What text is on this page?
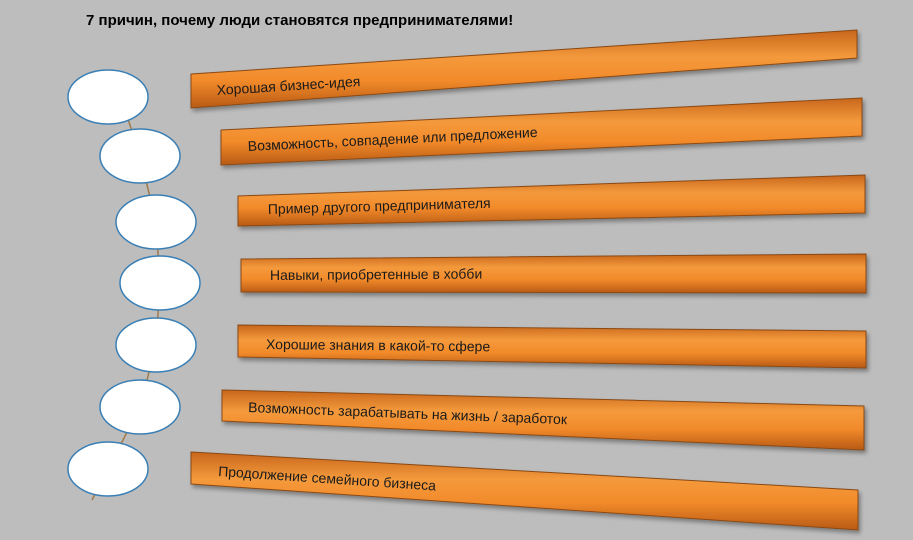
7 причин, почему люди становятся предпринимателями!
Хорошая бизнес-идея
Возможность, совпадение или предложение
Пример другого предпринимателя
Навыки, приобретенные в хобби
Хорошие знания в какой-то сфере
Возможность зарабатывать на жизнь / заработок
Продолжение семейного бизнеса
